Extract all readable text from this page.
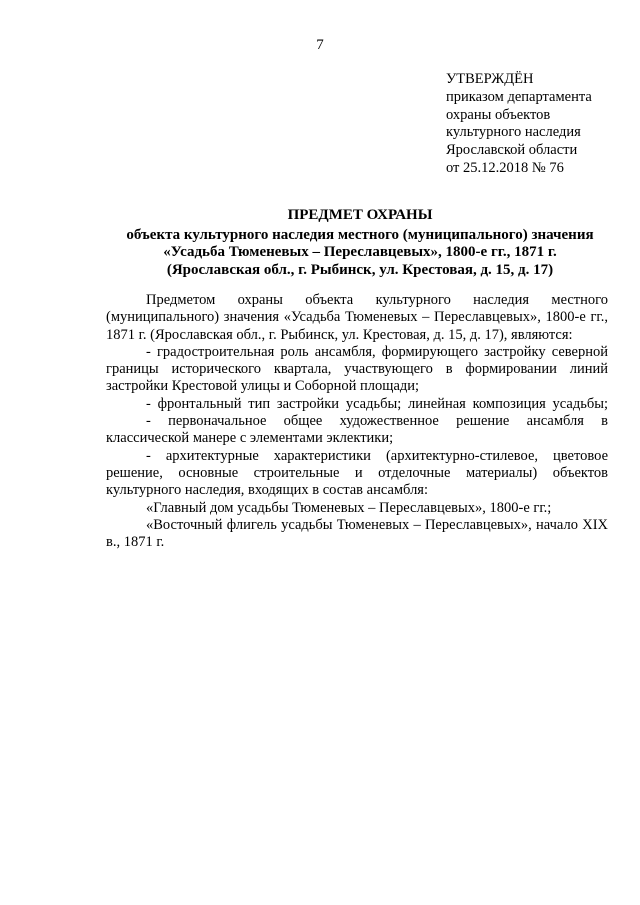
7
УТВЕРЖДЁН
приказом департамента
охраны объектов
культурного наследия
Ярославской области
от 25.12.2018 № 76
ПРЕДМЕТ ОХРАНЫ
объекта культурного наследия местного (муниципального) значения
«Усадьба Тюменевых – Переславцевых», 1800-е гг., 1871 г.
(Ярославская обл., г. Рыбинск, ул. Крестовая, д. 15, д. 17)

Предметом охраны объекта культурного наследия местного (муниципального) значения «Усадьба Тюменевых – Переславцевых», 1800-е гг., 1871 г. (Ярославская обл., г. Рыбинск, ул. Крестовая, д. 15, д. 17), являются:

- градостроительная роль ансамбля, формирующего застройку северной границы исторического квартала, участвующего в формировании линий застройки Крестовой улицы и Соборной площади;

- фронтальный тип застройки усадьбы; линейная композиция усадьбы;

- первоначальное общее художественное решение ансамбля в классической манере с элементами эклектики;

- архитектурные характеристики (архитектурно-стилевое, цветовое решение, основные строительные и отделочные материалы) объектов культурного наследия, входящих в состав ансамбля:

«Главный дом усадьбы Тюменевых – Переславцевых», 1800-е гг.;

«Восточный флигель усадьбы Тюменевых – Переславцевых», начало XIX в., 1871 г.
